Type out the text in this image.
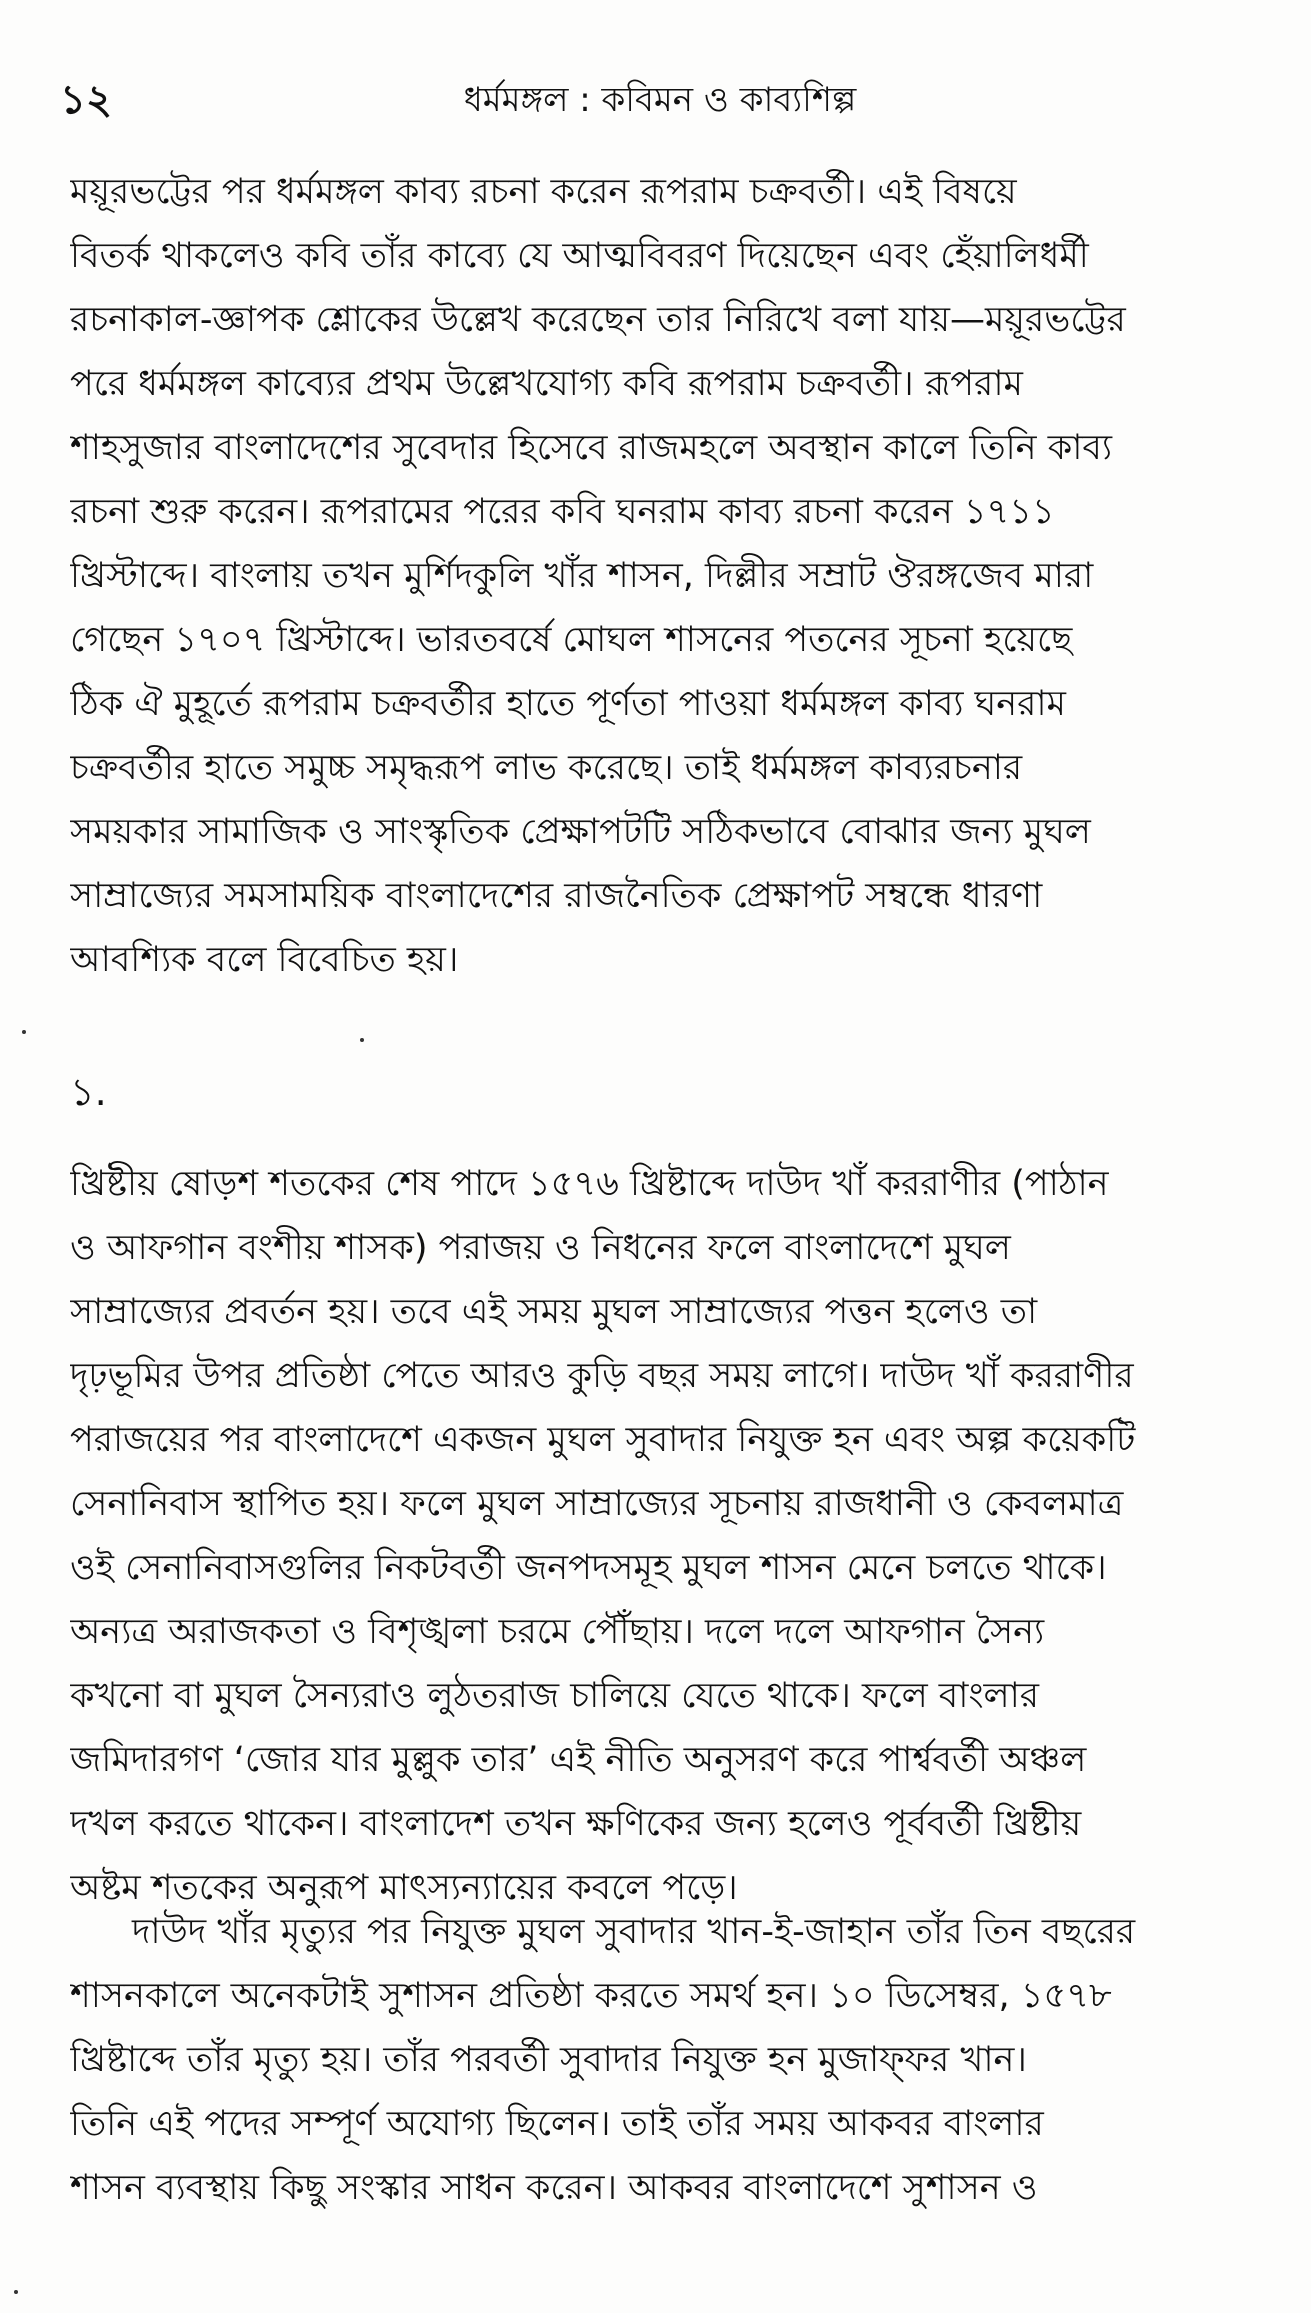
১২	ধর্মমঙ্গল : কবিমন ও কাব্যশিল্প
ময়ূরভট্টের পর ধর্মমঙ্গল কাব্য রচনা করেন রূপরাম চক্রবর্তী। এই বিষয়ে
বিতর্ক থাকলেও কবি তাঁর কাব্যে যে আত্মবিবরণ দিয়েছেন এবং হেঁয়ালিধর্মী
রচনাকাল-জ্ঞাপক শ্লোকের উল্লেখ করেছেন তার নিরিখে বলা যায়—ময়ূরভট্টের
পরে ধর্মমঙ্গল কাব্যের প্রথম উল্লেখযোগ্য কবি রূপরাম চক্রবর্তী। রূপরাম
শাহসুজার বাংলাদেশের সুবেদার হিসেবে রাজমহলে অবস্থান কালে তিনি কাব্য
রচনা শুরু করেন। রূপরামের পরের কবি ঘনরাম কাব্য রচনা করেন ১৭১১
খ্রিস্টাব্দে। বাংলায় তখন মুর্শিদকুলি খাঁর শাসন, দিল্লীর সম্রাট ঔরঙ্গজেব মারা
গেছেন ১৭০৭ খ্রিস্টাব্দে। ভারতবর্ষে মোঘল শাসনের পতনের সূচনা হয়েছে
ঠিক ঐ মুহূর্তে রূপরাম চক্রবর্তীর হাতে পূর্ণতা পাওয়া ধর্মমঙ্গল কাব্য ঘনরাম
চক্রবর্তীর হাতে সমুচ্চ সমৃদ্ধরূপ লাভ করেছে। তাই ধর্মমঙ্গল কাব্যরচনার
সময়কার সামাজিক ও সাংস্কৃতিক প্রেক্ষাপটটি সঠিকভাবে বোঝার জন্য মুঘল
সাম্রাজ্যের সমসাময়িক বাংলাদেশের রাজনৈতিক প্রেক্ষাপট সম্বন্ধে ধারণা
আবশ্যিক বলে বিবেচিত হয়।
১.
খ্রিষ্টীয় ষোড়শ শতকের শেষ পাদে ১৫৭৬ খ্রিষ্টাব্দে দাউদ খাঁ কররাণীর (পাঠান
ও আফগান বংশীয় শাসক) পরাজয় ও নিধনের ফলে বাংলাদেশে মুঘল
সাম্রাজ্যের প্রবর্তন হয়। তবে এই সময় মুঘল সাম্রাজ্যের পত্তন হলেও তা
দৃঢ়ভূমির উপর প্রতিষ্ঠা পেতে আরও কুড়ি বছর সময় লাগে। দাউদ খাঁ কররাণীর
পরাজয়ের পর বাংলাদেশে একজন মুঘল সুবাদার নিযুক্ত হন এবং অল্প কয়েকটি
সেনানিবাস স্থাপিত হয়। ফলে মুঘল সাম্রাজ্যের সূচনায় রাজধানী ও কেবলমাত্র
ওই সেনানিবাসগুলির নিকটবর্তী জনপদসমূহ মুঘল শাসন মেনে চলতে থাকে।
অন্যত্র অরাজকতা ও বিশৃঙ্খলা চরমে পৌঁছায়। দলে দলে আফগান সৈন্য
কখনো বা মুঘল সৈন্যরাও লুঠতরাজ চালিয়ে যেতে থাকে। ফলে বাংলার
জমিদারগণ ‘জোর যার মুল্লুক তার’ এই নীতি অনুসরণ করে পার্শ্ববর্তী অঞ্চল
দখল করতে থাকেন। বাংলাদেশ তখন ক্ষণিকের জন্য হলেও পূর্ববর্তী খ্রিষ্টীয়
অষ্টম শতকের অনুরূপ মাৎস্যন্যায়ের কবলে পড়ে।
দাউদ খাঁর মৃত্যুর পর নিযুক্ত মুঘল সুবাদার খান-ই-জাহান তাঁর তিন বছরের
শাসনকালে অনেকটাই সুশাসন প্রতিষ্ঠা করতে সমর্থ হন। ১০ ডিসেম্বর, ১৫৭৮
খ্রিষ্টাব্দে তাঁর মৃত্যু হয়। তাঁর পরবর্তী সুবাদার নিযুক্ত হন মুজাফ্ফর খান।
তিনি এই পদের সম্পূর্ণ অযোগ্য ছিলেন। তাই তাঁর সময় আকবর বাংলার
শাসন ব্যবস্থায় কিছু সংস্কার সাধন করেন। আকবর বাংলাদেশে সুশাসন ও
